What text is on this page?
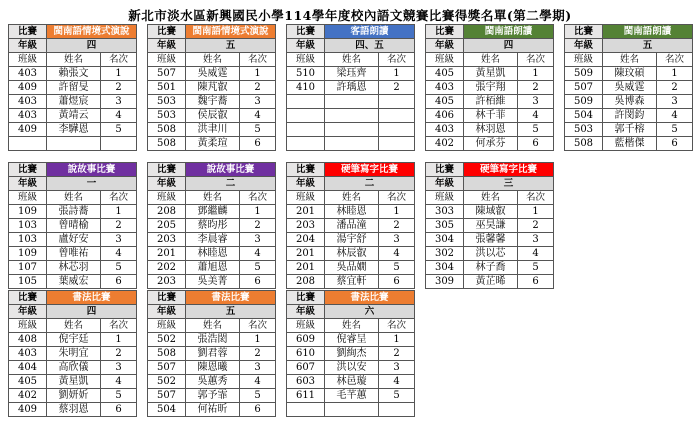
新北市淡水區新興國民小學114學年度校內語文競賽比賽得獎名單(第二學期)
比賽	閩南語情境式演說	
年級	四	
班級	姓名	名次
403	賴張文	1
409	許留旻	2
403	蕭煜宸	3
403	黃靖云	4
409	李驊恩	5

比賽	閩南語情境式演說	
年級	五	
班級	姓名	名次
507	吳威霆	1
501	陳芃叡	2
503	魏宇蕎	3
503	侯辰叡	4
508	洪聿川	5
508	黃柔瑄	6
比賽	客語朗讀	
年級	四、五	
班級	姓名	名次
510	梁珏齊	1
410	許瑀恩	2

比賽	閩南語朗讀	
年級	四	
班級	姓名	名次
405	黃星凱	1
403	張宇翔	2
405	許栢維	3
406	林千菲	4
403	林羽恩	5
402	何承芬	6
比賽	閩南語朗讀	
年級	五	
班級	姓名	名次
509	陳玟碩	1
507	吳威霆	2
509	吳博森	3
504	許閔鈞	4
503	郭千榕	5
508	藍楷傑	6
比賽	說故事比賽	
年級	一	
班級	姓名	名次
109	張詩蕎	1
103	曾晴榆	2
103	盧好安	3
109	曾唯祐	4
107	林芯羽	5
105	葉威宏	6
比賽	說故事比賽	
年級	二	
班級	姓名	名次
208	鄧繼麟	1
205	蔡昀彤	2
203	李晨睿	3
201	林睦恩	4
202	蕭旭恩	5
203	吳美菁	6
比賽	硬筆寫字比賽	
年級	二	
班級	姓名	名次
201	林睦恩	1
203	潘品潼	2
204	湯宇舒	3
201	林辰叡	4
201	吳品嫺	5
208	蔡宜軒	6
比賽	硬筆寫字比賽	
年級	三	
班級	姓名	名次
303	陳域叡	1
305	巫昊謙	2
304	張馨馨	3
302	洪以芯	4
304	林子喬	5
309	黃芷晞	6
比賽	書法比賽	
年級	四	
班級	姓名	名次
408	倪宇廷	1
403	朱明宜	2
404	高欣儀	3
405	黃星凱	4
402	劉妍妡	5
409	蔡羽恩	6
比賽	書法比賽	
年級	五	
班級	姓名	名次
502	張浩閎	1
508	劉君蓉	2
507	陳恩曦	3
502	吳蕙秀	4
507	郭予霏	5
504	何祐昕	6
比賽	書法比賽	
年級	六	
班級	姓名	名次
609	倪睿呈	1
610	劉絢杰	2
607	洪以安	3
603	林邑璇	4
611	毛芊蕙	5
